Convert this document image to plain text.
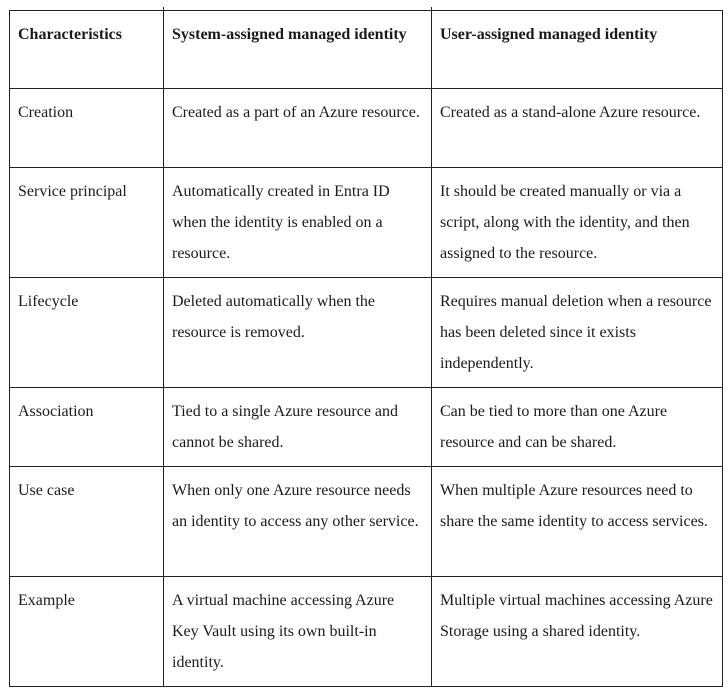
Characteristics	System-assigned managed identity	User-assigned managed identity
Creation	Created as a part of an Azure resource.	Created as a stand-alone Azure resource.
Service principal	Automatically created in Entra ID when the identity is enabled on a resource.	It should be created manually or via a script, along with the identity, and then assigned to the resource.
Lifecycle	Deleted automatically when the resource is removed.	Requires manual deletion when a resource has been deleted since it exists independently.
Association	Tied to a single Azure resource and cannot be shared.	Can be tied to more than one Azure resource and can be shared.
Use case	When only one Azure resource needs an identity to access any other service.	When multiple Azure resources need to share the same identity to access services.
Example	A virtual machine accessing Azure Key Vault using its own built-in identity.	Multiple virtual machines accessing Azure Storage using a shared identity.
